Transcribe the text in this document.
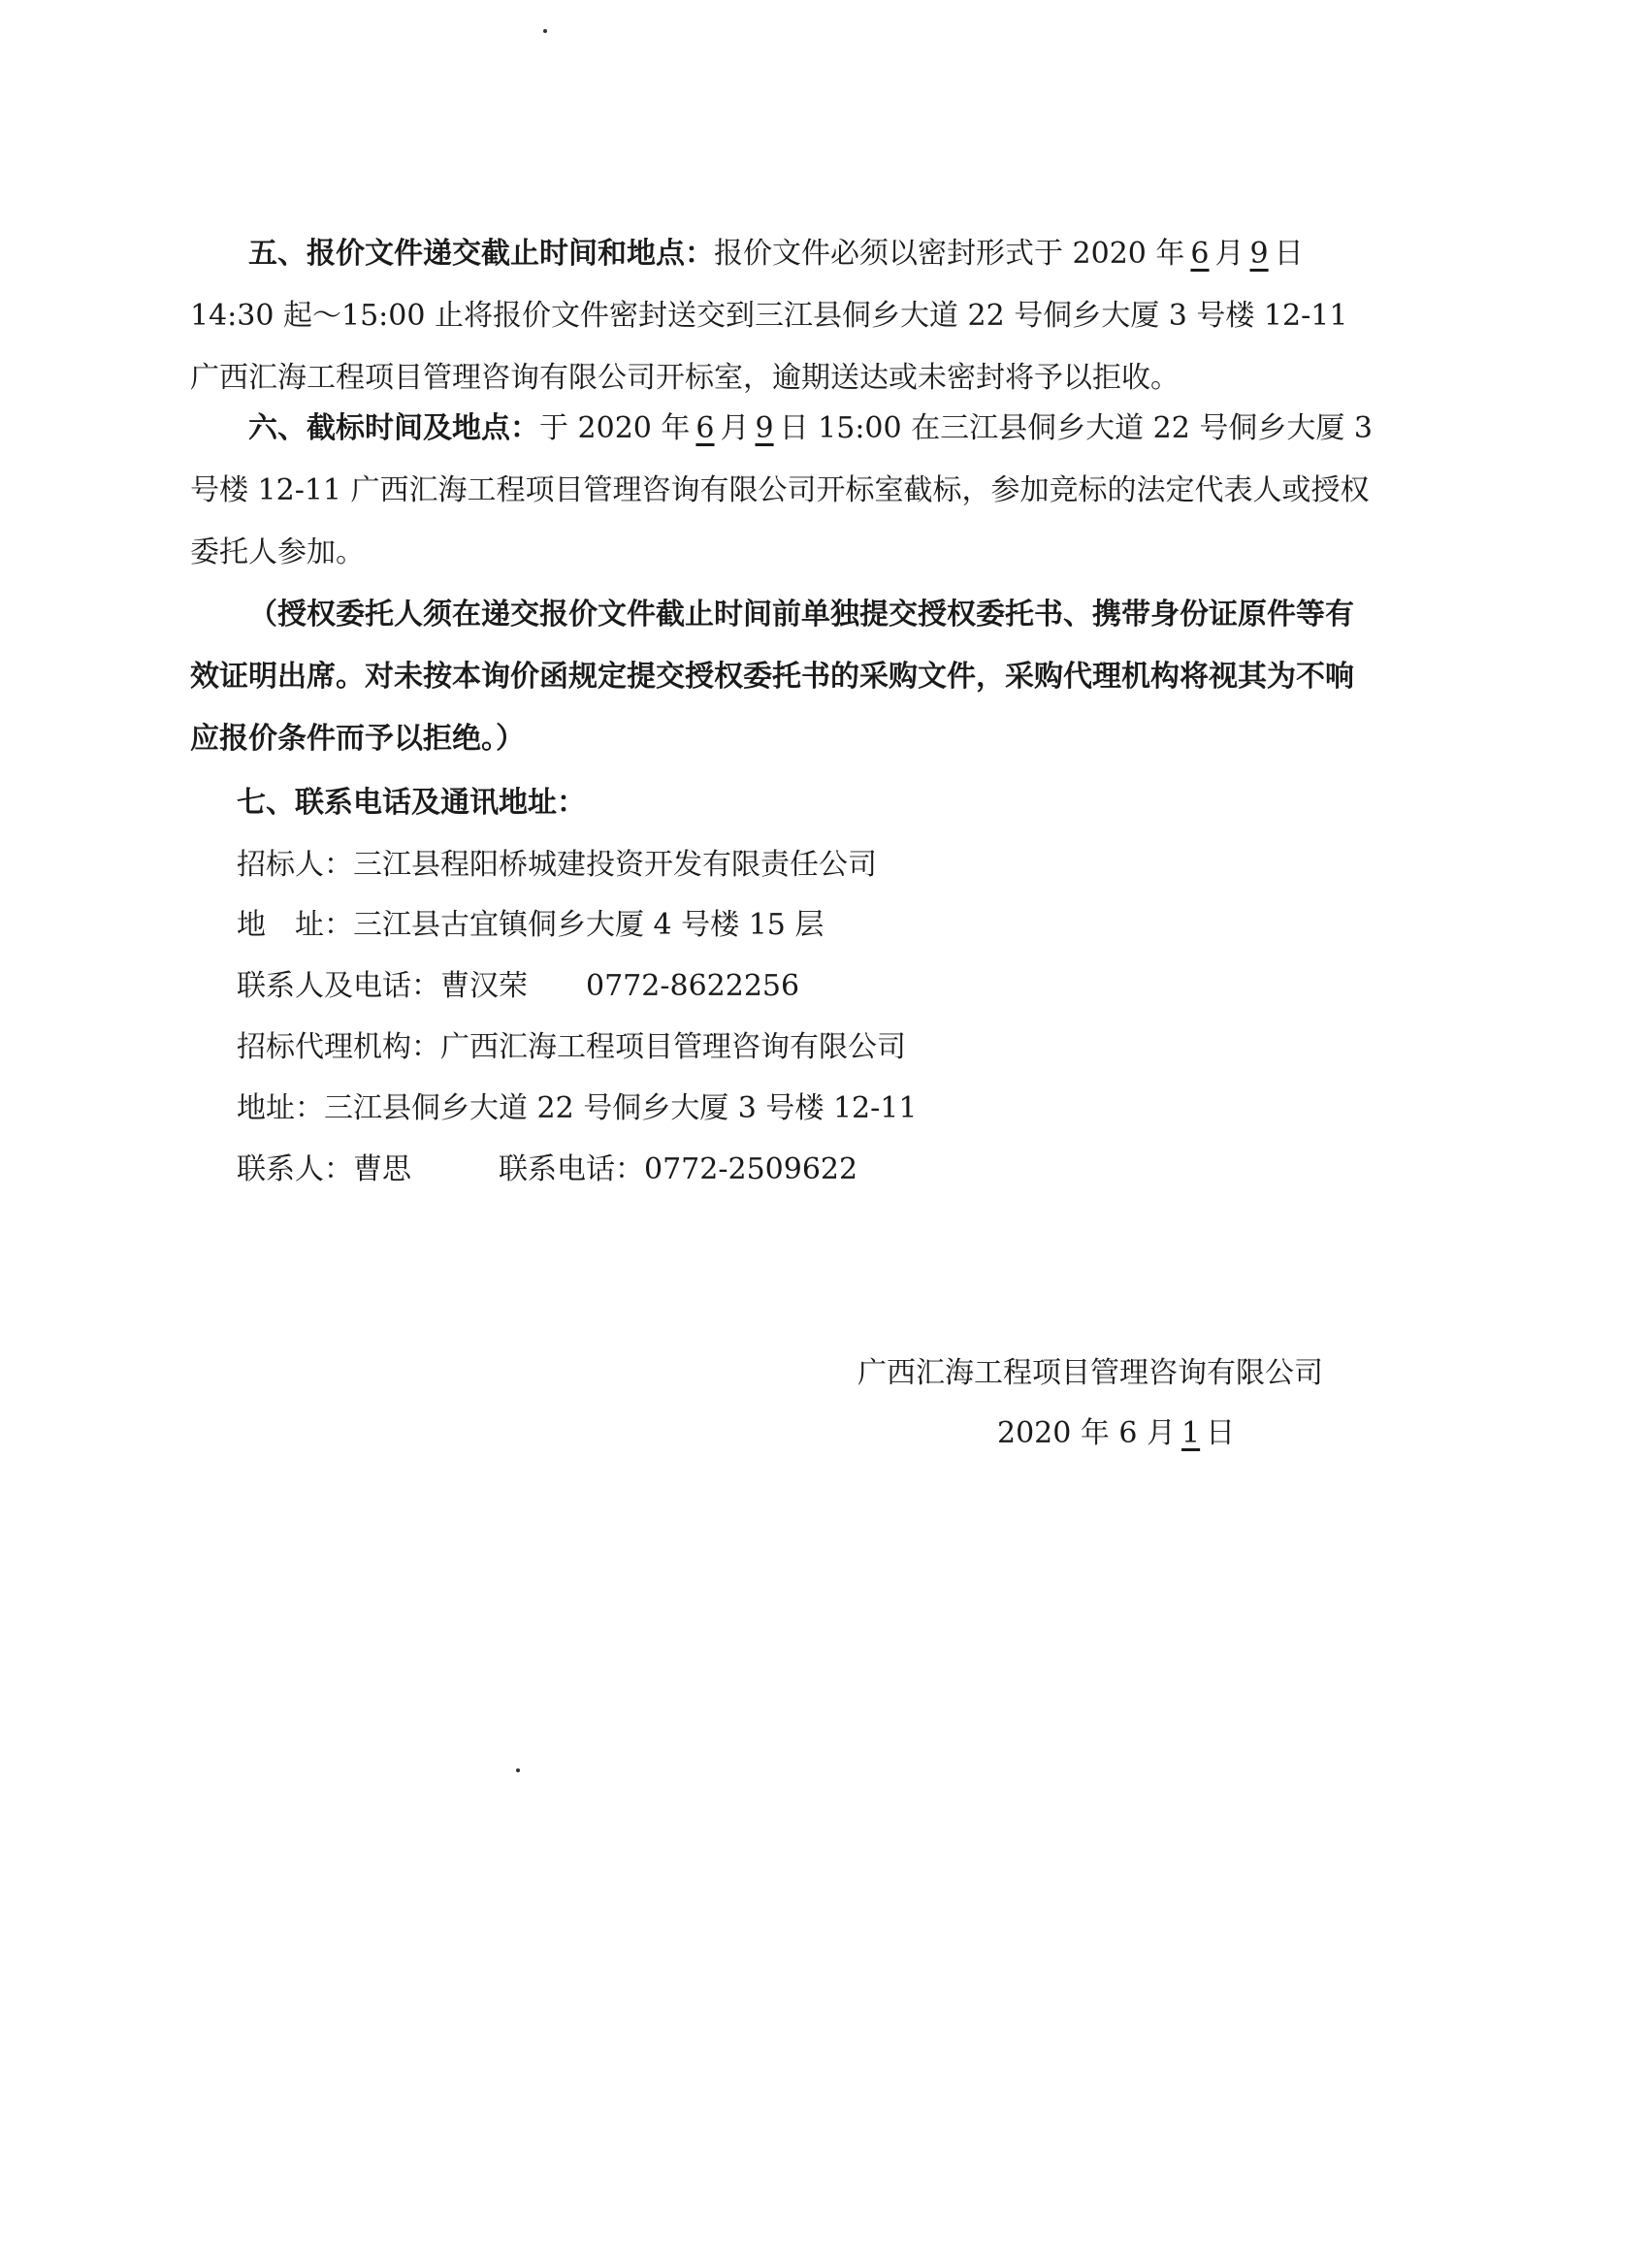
五、报价文件递交截止时间和地点：报价文件必须以密封形式于 2020 年 6 月 9 日 14:30 起～15:00 止将报价文件密封送交到三江县侗乡大道 22 号侗乡大厦 3 号楼 12-11 广西汇海工程项目管理咨询有限公司开标室，逾期送达或未密封将予以拒收。

六、截标时间及地点：于 2020 年 6 月 9 日 15:00 在三江县侗乡大道 22 号侗乡大厦 3 号楼 12-11 广西汇海工程项目管理咨询有限公司开标室截标，参加竞标的法定代表人或授权委托人参加。

（授权委托人须在递交报价文件截止时间前单独提交授权委托书、携带身份证原件等有效证明出席。对未按本询价函规定提交授权委托书的采购文件，采购代理机构将视其为不响应报价条件而予以拒绝。）

七、联系电话及通讯地址：
招标人：三江县程阳桥城建投资开发有限责任公司
地　址：三江县古宜镇侗乡大厦 4 号楼 15 层
联系人及电话：曹汉荣 0772-8622256
招标代理机构：广西汇海工程项目管理咨询有限公司
地址：三江县侗乡大道 22 号侗乡大厦 3 号楼 12-11
联系人：曹思	联系电话：0772-2509622
广西汇海工程项目管理咨询有限公司
2020 年 6 月 1 日
